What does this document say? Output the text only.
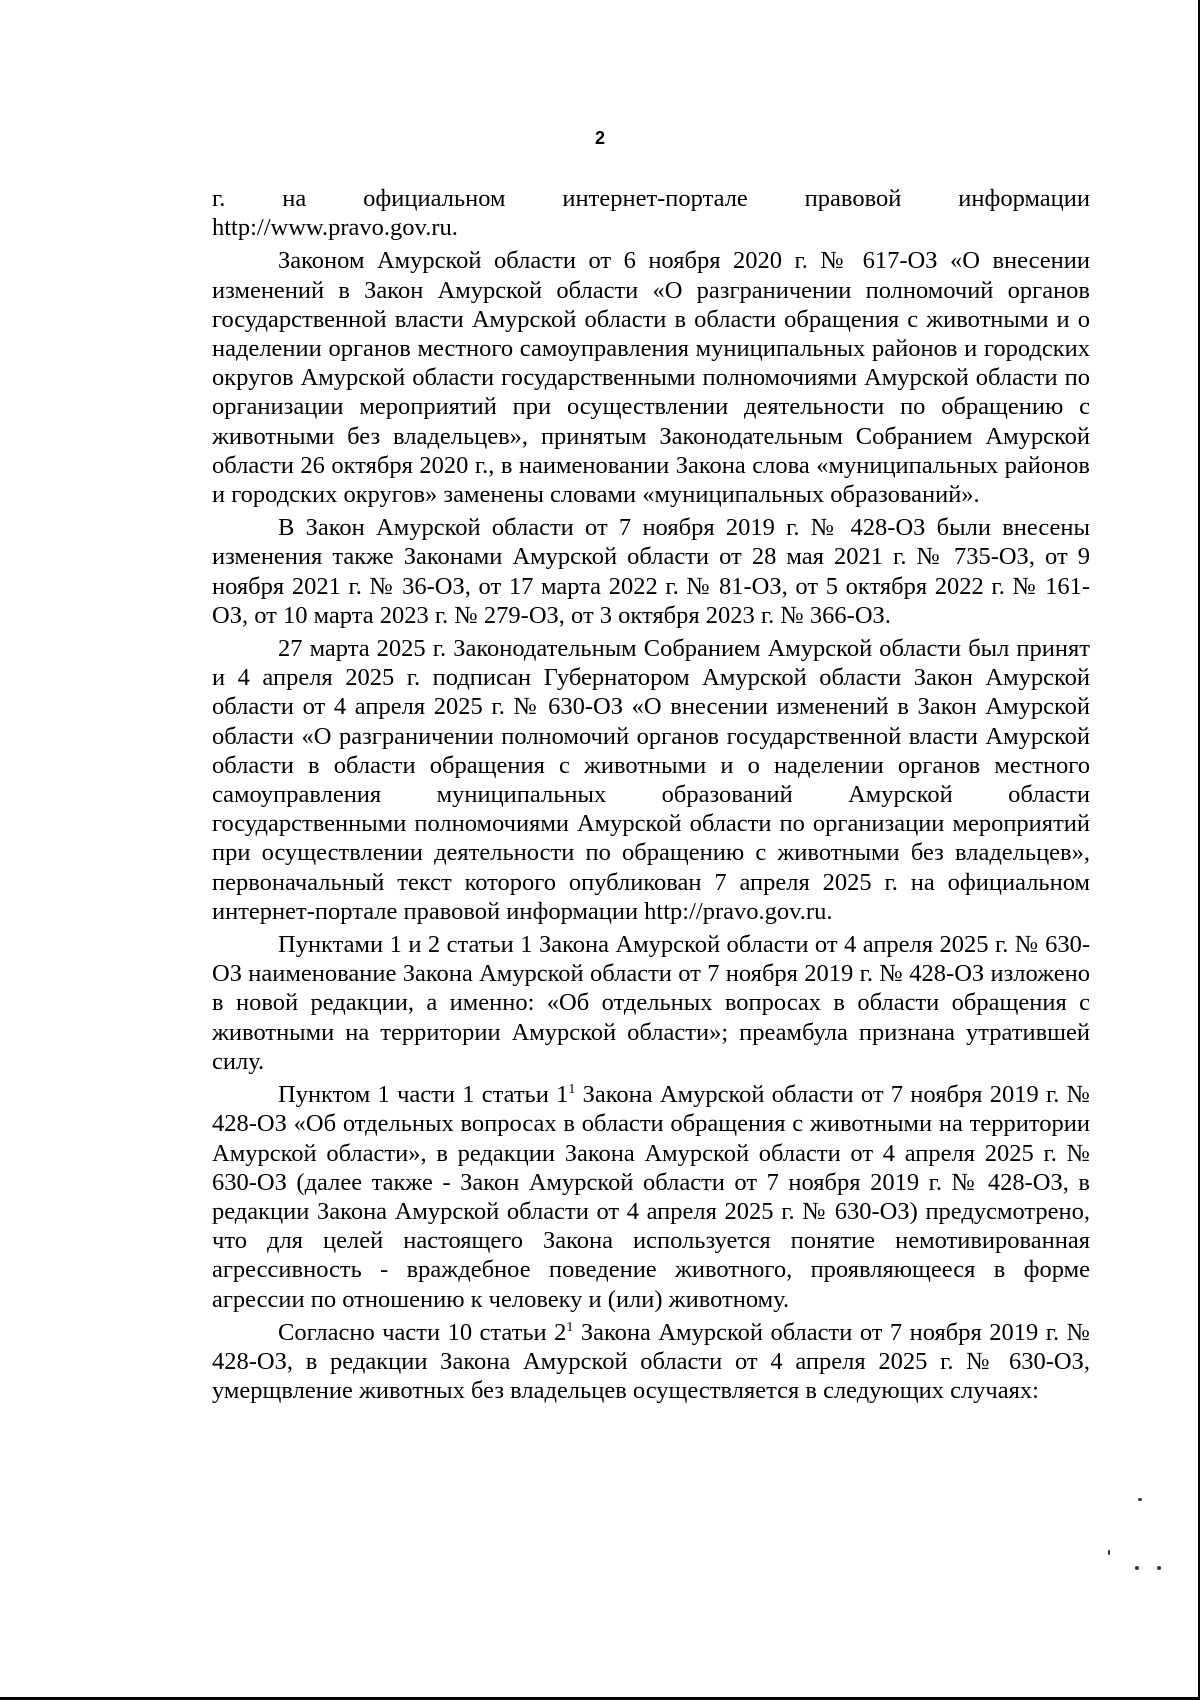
2

г. на официальном интернет-портале правовой информации

http://www.pravo.gov.ru.

Законом Амурской области от 6 ноября 2020 г. № 617-ОЗ «О внесении изменений в Закон Амурской области «О разграничении полномочий органов государственной власти Амурской области в области обращения с животными и о наделении органов местного самоуправления муниципальных районов и городских округов Амурской области государственными полномочиями Амурской области по организации мероприятий при осуществлении деятельности по обращению с животными без владельцев», принятым Законодательным Собранием Амурской области 26 октября 2020 г., в наименовании Закона слова «муниципальных районов и городских округов» заменены словами «муниципальных образований».

В Закон Амурской области от 7 ноября 2019 г. № 428-ОЗ были внесены изменения также Законами Амурской области от 28 мая 2021 г. № 735-ОЗ, от 9 ноября 2021 г. № 36-ОЗ, от 17 марта 2022 г. № 81-ОЗ, от 5 октября 2022 г. № 161-ОЗ, от 10 марта 2023 г. № 279-ОЗ, от 3 октября 2023 г. № 366-ОЗ.

27 марта 2025 г. Законодательным Собранием Амурской области был принят и 4 апреля 2025 г. подписан Губернатором Амурской области Закон Амурской области от 4 апреля 2025 г. № 630-ОЗ «О внесении изменений в Закон Амурской области «О разграничении полномочий органов государственной власти Амурской области в области обращения с животными и о наделении органов местного самоуправления муниципальных образований Амурской области государственными полномочиями Амурской области по организации мероприятий при осуществлении деятельности по обращению с животными без владельцев», первоначальный текст которого опубликован 7 апреля 2025 г. на официальном интернет-портале правовой информации http://pravo.gov.ru.

Пунктами 1 и 2 статьи 1 Закона Амурской области от 4 апреля 2025 г. № 630-ОЗ наименование Закона Амурской области от 7 ноября 2019 г. № 428-ОЗ изложено в новой редакции, а именно: «Об отдельных вопросах в области обращения с животными на территории Амурской области»; преамбула признана утратившей силу.

Пунктом 1 части 1 статьи $1^1$ Закона Амурской области от 7 ноября 2019 г. № 428-ОЗ «Об отдельных вопросах в области обращения с животными на территории Амурской области», в редакции Закона Амурской области от 4 апреля 2025 г. № 630-ОЗ (далее также - Закон Амурской области от 7 ноября 2019 г. № 428-ОЗ, в редакции Закона Амурской области от 4 апреля 2025 г. № 630-ОЗ) предусмотрено, что для целей настоящего Закона используется понятие немотивированная агрессивность - враждебное поведение животного, проявляющееся в форме агрессии по отношению к человеку и (или) животному.

Согласно части 10 статьи $2^1$ Закона Амурской области от 7 ноября 2019 г. № 428-ОЗ, в редакции Закона Амурской области от 4 апреля 2025 г. № 630-ОЗ, умерщвление животных без владельцев осуществляется в следующих случаях:
